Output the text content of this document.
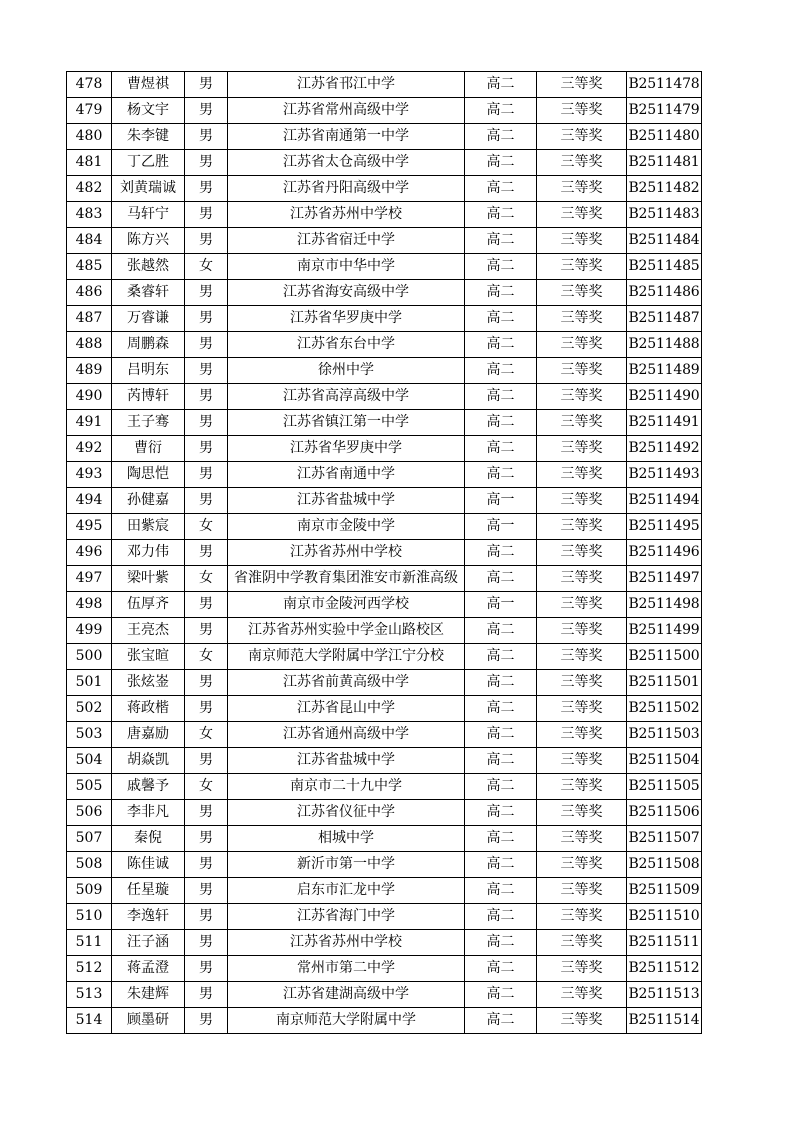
478	曹煜祺	男	江苏省邗江中学	高二	三等奖	B2511478
479	杨文宇	男	江苏省常州高级中学	高二	三等奖	B2511479
480	朱李键	男	江苏省南通第一中学	高二	三等奖	B2511480
481	丁乙胜	男	江苏省太仓高级中学	高二	三等奖	B2511481
482	刘黄瑞诚	男	江苏省丹阳高级中学	高二	三等奖	B2511482
483	马轩宁	男	江苏省苏州中学校	高二	三等奖	B2511483
484	陈方兴	男	江苏省宿迁中学	高二	三等奖	B2511484
485	张越然	女	南京市中华中学	高二	三等奖	B2511485
486	桑睿轩	男	江苏省海安高级中学	高二	三等奖	B2511486
487	万睿谦	男	江苏省华罗庚中学	高二	三等奖	B2511487
488	周鹏森	男	江苏省东台中学	高二	三等奖	B2511488
489	吕明东	男	徐州中学	高二	三等奖	B2511489
490	芮博轩	男	江苏省高淳高级中学	高二	三等奖	B2511490
491	王子骞	男	江苏省镇江第一中学	高二	三等奖	B2511491
492	曹衍	男	江苏省华罗庚中学	高二	三等奖	B2511492
493	陶思恺	男	江苏省南通中学	高二	三等奖	B2511493
494	孙健嘉	男	江苏省盐城中学	高一	三等奖	B2511494
495	田紫宸	女	南京市金陵中学	高一	三等奖	B2511495
496	邓力伟	男	江苏省苏州中学校	高二	三等奖	B2511496
497	梁叶紫	女	省淮阴中学教育集团淮安市新淮高级	高二	三等奖	B2511497
498	伍厚齐	男	南京市金陵河西学校	高一	三等奖	B2511498
499	王亮杰	男	江苏省苏州实验中学金山路校区	高二	三等奖	B2511499
500	张宝暄	女	南京师范大学附属中学江宁分校	高二	三等奖	B2511500
501	张炫崟	男	江苏省前黄高级中学	高二	三等奖	B2511501
502	蒋政楷	男	江苏省昆山中学	高二	三等奖	B2511502
503	唐嘉励	女	江苏省通州高级中学	高二	三等奖	B2511503
504	胡焱凯	男	江苏省盐城中学	高二	三等奖	B2511504
505	戚馨予	女	南京市二十九中学	高二	三等奖	B2511505
506	李非凡	男	江苏省仪征中学	高二	三等奖	B2511506
507	秦倪	男	相城中学	高二	三等奖	B2511507
508	陈佳诚	男	新沂市第一中学	高二	三等奖	B2511508
509	任星璇	男	启东市汇龙中学	高二	三等奖	B2511509
510	李逸轩	男	江苏省海门中学	高二	三等奖	B2511510
511	汪子涵	男	江苏省苏州中学校	高二	三等奖	B2511511
512	蒋孟澄	男	常州市第二中学	高二	三等奖	B2511512
513	朱建辉	男	江苏省建湖高级中学	高二	三等奖	B2511513
514	顾墨研	男	南京师范大学附属中学	高二	三等奖	B2511514
